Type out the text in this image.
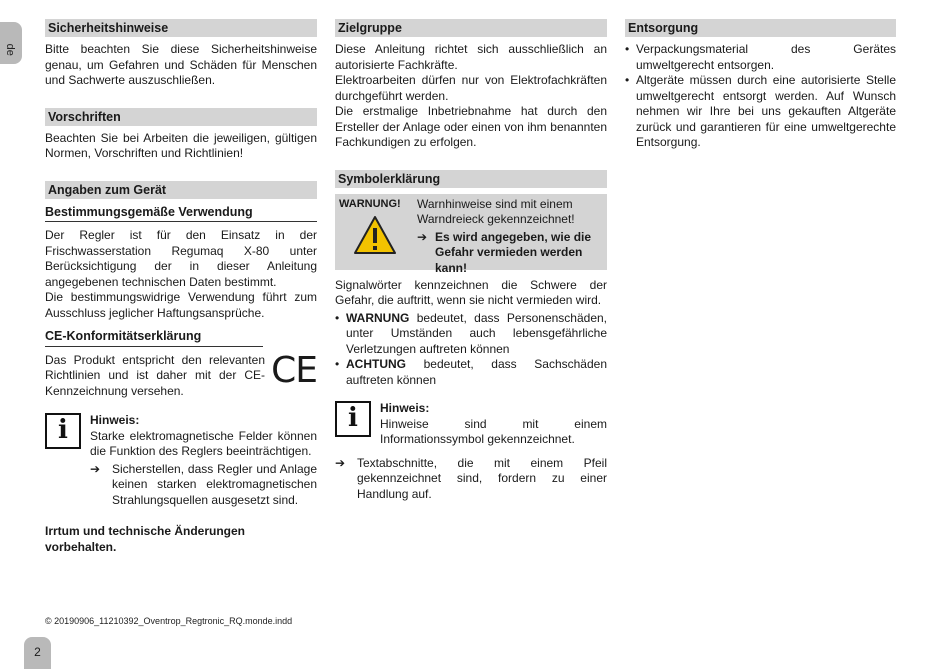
de
2
Sicherheitshinweise

Bitte beachten Sie diese Sicherheitshinweise genau, um Gefahren und Schäden für Menschen und Sachwerte auszuschließen.

Vorschriften

Beachten Sie bei Arbeiten die jeweiligen, gültigen Normen, Vorschriften und Richtlinien!

Angaben zum Gerät
Bestimmungsgemäße Verwendung

Der Regler ist für den Einsatz in der Frischwasserstation Regumaq X-80 unter Berücksichtigung der in dieser Anleitung angegebenen technischen Daten bestimmt.

Die bestimmungswidrige Verwendung führt zum Ausschluss jeglicher Haftungsansprüche.

CE-Konformitätserklärung

Das Produkt entspricht den relevanten Richtlinien und ist daher mit der CE-Kennzeichnung versehen.	CE
i	Hinweis:

Starke elektromagnetische Felder können die Funktion des Reglers beeinträchtigen.

➔ Sicherstellen, dass Regler und Anlage keinen starken elektromagnetischen Strahlungsquellen ausgesetzt sind.

Irrtum und technische Änderungen vorbehalten.
Zielgruppe

Diese Anleitung richtet sich ausschließlich an autorisierte Fachkräfte.

Elektroarbeiten dürfen nur von Elektrofachkräften durchgeführt werden.

Die erstmalige Inbetriebnahme hat durch den Ersteller der Anlage oder einen von ihm benannten Fachkundigen zu erfolgen.

Symbolerklärung
WARNUNG!	Warnhinweise sind mit einem Warndreieck gekennzeichnet!
➔ Es wird angegeben, wie die Gefahr vermieden werden kann!

Signalwörter kennzeichnen die Schwere der Gefahr, die auftritt, wenn sie nicht vermieden wird.

• WARNUNG bedeutet, dass Personenschäden, unter Umständen auch lebensgefährliche Verletzungen auftreten können
• ACHTUNG bedeutet, dass Sachschäden auftreten können
i	Hinweis:

Hinweise sind mit einem Informationssymbol gekennzeichnet.

➔ Textabschnitte, die mit einem Pfeil gekennzeichnet sind, fordern zu einer Handlung auf.

Entsorgung
• Verpackungsmaterial des Gerätes umweltgerecht entsorgen.
• Altgeräte müssen durch eine autorisierte Stelle umweltgerecht entsorgt werden. Auf Wunsch nehmen wir Ihre bei uns gekauften Altgeräte zurück und garantieren für eine umweltgerechte Entsorgung.
© 20190906_11210392_Oventrop_Regtronic_RQ.monde.indd
